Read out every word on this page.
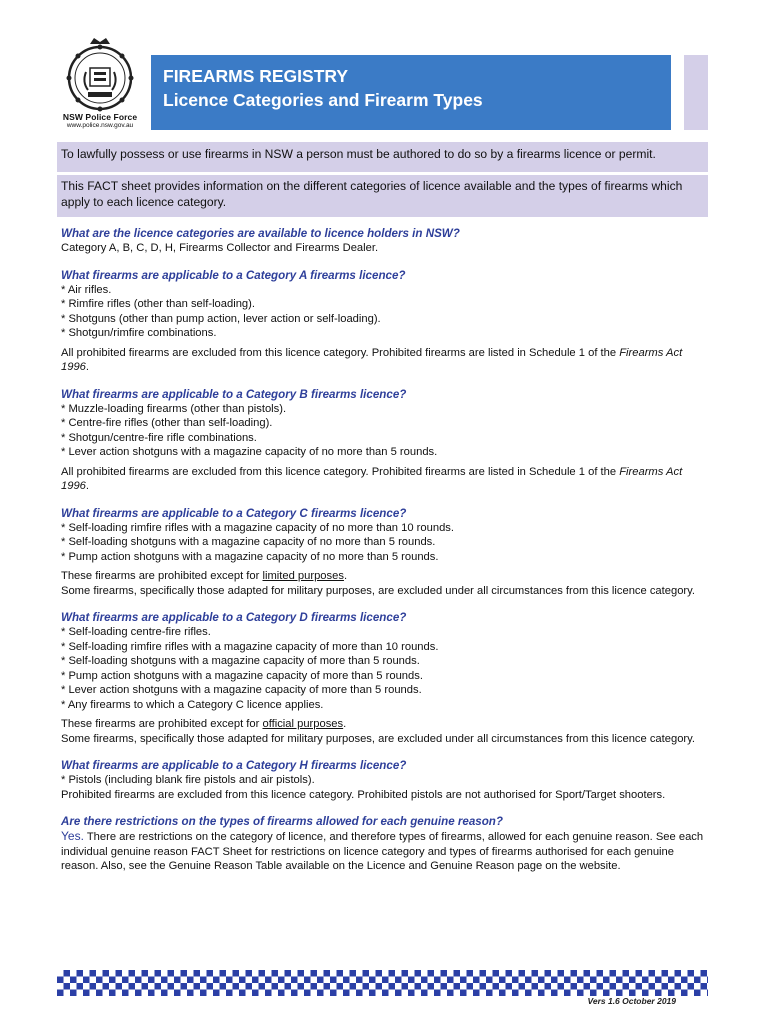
NSW Police Force
www.police.nsw.gov.au
FIREARMS REGISTRY
Licence Categories and Firearm Types
To lawfully possess or use firearms in NSW a person must be authored to do so by a firearms licence or permit.
This FACT sheet provides information on the different categories of licence available and the types of firearms which apply to each licence category.

What are the licence categories are available to licence holders in NSW?

Category A, B, C, D, H, Firearms Collector and Firearms Dealer.

What firearms are applicable to a Category A firearms licence?

* Air rifles.
* Rimfire rifles (other than self-loading).
* Shotguns (other than pump action, lever action or self-loading).
* Shotgun/rimfire combinations.

All prohibited firearms are excluded from this licence category. Prohibited firearms are listed in Schedule 1 of the Firearms Act 1996.

What firearms are applicable to a Category B firearms licence?

* Muzzle-loading firearms (other than pistols).
* Centre-fire rifles (other than self-loading).
* Shotgun/centre-fire rifle combinations.
* Lever action shotguns with a magazine capacity of no more than 5 rounds.

All prohibited firearms are excluded from this licence category. Prohibited firearms are listed in Schedule 1 of the Firearms Act 1996.

What firearms are applicable to a Category C firearms licence?

* Self-loading rimfire rifles with a magazine capacity of no more than 10 rounds.
* Self-loading shotguns with a magazine capacity of no more than 5 rounds.
* Pump action shotguns with a magazine capacity of no more than 5 rounds.

These firearms are prohibited except for limited purposes.

Some firearms, specifically those adapted for military purposes, are excluded under all circumstances from this licence category.

What firearms are applicable to a Category D firearms licence?

* Self-loading centre-fire rifles.
* Self-loading rimfire rifles with a magazine capacity of more than 10 rounds.
* Self-loading shotguns with a magazine capacity of more than 5 rounds.
* Pump action shotguns with a magazine capacity of more than 5 rounds.
* Lever action shotguns with a magazine capacity of more than 5 rounds.
* Any firearms to which a Category C licence applies.

These firearms are prohibited except for official purposes.

Some firearms, specifically those adapted for military purposes, are excluded under all circumstances from this licence category.

What firearms are applicable to a Category H firearms licence?

* Pistols (including blank fire pistols and air pistols).

Prohibited firearms are excluded from this licence category. Prohibited pistols are not authorised for Sport/Target shooters.

Are there restrictions on the types of firearms allowed for each genuine reason?

Yes. There are restrictions on the category of licence, and therefore types of firearms, allowed for each genuine reason. See each individual genuine reason FACT Sheet for restrictions on licence category and types of firearms authorised for each genuine reason. Also, see the Genuine Reason Table available on the Licence and Genuine Reason page on the website.

Vers 1.6 October 2019
